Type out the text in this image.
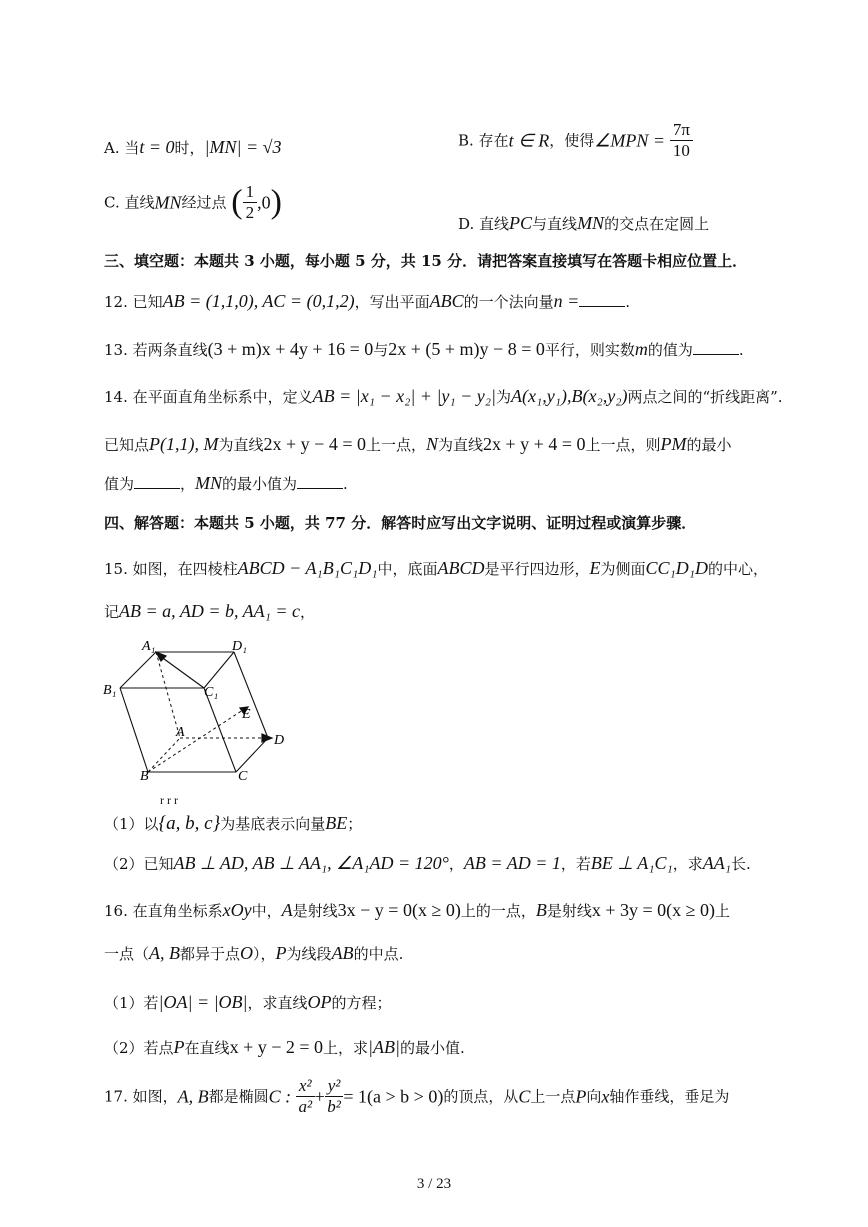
A. 当t = 0时，|MN| = √3	B. 存在t ∈ R，使得∠MPN = $\frac{7\pi}{10}$
C. 直线MN经过点 ( $\frac{1}{2} ,0$)
D. 直线PC与直线MN的交点在定圆上
三、填空题：本题共 3 小题，每小题 5 分，共 15 分．请把答案直接填写在答题卡相应位置上．
12. 已知AB = (1,1,0), AC = (0,1,2)，写出平面ABC的一个法向量n =	.
13. 若两条直线(3 + m)x + 4y + 16 = 0与2x + (5 + m)y − 8 = 0平行，则实数m的值为	.
14. 在平面直角坐标系中，定义AB = |x₁ − x₂| + |y₁ − y₂|为A(x₁,y₁),B(x₂,y₂)两点之间的“折线距离”.
已知点P(1,1), M为直线2x + y − 4 = 0上一点，N为直线2x + y + 4 = 0上一点，则PM的最小
值为	，MN的最小值为	.
四、解答题：本题共 5 小题，共 77 分．解答时应写出文字说明、证明过程或演算步骤．
15. 如图，在四棱柱ABCD − A₁B₁C₁D₁中，底面ABCD是平行四边形，E为侧面CC₁D₁D的中心，
记AB = a, AD = b, AA₁ = c，
A₁	D₁
B₁	C₁
E
A
D
B	C
r r r
（1）以{a, b, c}为基底表示向量BE；
（2）已知AB ⊥ AD, AB ⊥ AA₁, ∠A₁AD = 120°，AB = AD = 1，若BE ⊥ A₁C₁，求AA₁长.
16. 在直角坐标系xOy中，A是射线3x − y = 0(x ≥ 0)上的一点，B是射线x + 3y = 0(x ≥ 0)上
一点（A, B都异于点O），P为线段AB的中点.
（1）若|OA| = |OB|，求直线OP的方程；
（2）若点P在直线x + y − 2 = 0上，求|AB|的最小值.
17. 如图，A, B都是椭圆C : $\frac{\text{x²}}{\text{a²}} + \frac{\text{y²}}{\text{b²}} = 1(a > b > 0)$的顶点，从C上一点P向x轴作垂线，垂足为
3 / 23
